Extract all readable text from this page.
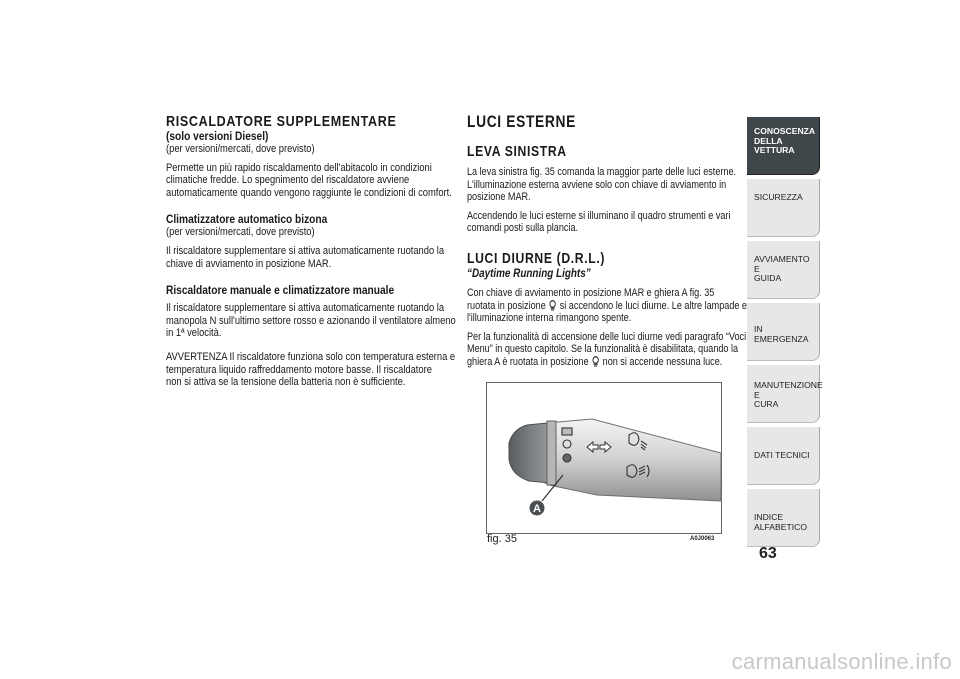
RISCALDATORE SUPPLEMENTARE
(solo versioni Diesel)
(per versioni/mercati, dove previsto)

Permette un più rapido riscaldamento dell'abitacolo in condizioni
climatiche fredde. Lo spegnimento del riscaldatore avviene
automaticamente quando vengono raggiunte le condizioni di comfort.

Climatizzatore automatico bizona
(per versioni/mercati, dove previsto)

Il riscaldatore supplementare si attiva automaticamente ruotando la
chiave di avviamento in posizione MAR.

Riscaldatore manuale e climatizzatore manuale

Il riscaldatore supplementare si attiva automaticamente ruotando la
manopola N sull'ultimo settore rosso e azionando il ventilatore almeno
in 1ª velocità.

AVVERTENZA Il riscaldatore funziona solo con temperatura esterna e
temperatura liquido raffreddamento motore basse. Il riscaldatore
non si attiva se la tensione della batteria non è sufficiente.

LUCI ESTERNE
LEVA SINISTRA

La leva sinistra fig. 35 comanda la maggior parte delle luci esterne.
L'illuminazione esterna avviene solo con chiave di avviamento in
posizione MAR.

Accendendo le luci esterne si illuminano il quadro strumenti e vari
comandi posti sulla plancia.

LUCI DIURNE (D.R.L.)
“Daytime Running Lights”

Con chiave di avviamento in posizione MAR e ghiera A fig. 35
ruotata in posizione si accendono le luci diurne. Le altre lampade e
l'illuminazione interna rimangono spente.

Per la funzionalità di accensione delle luci diurne vedi paragrafo “Voci
Menu” in questo capitolo. Se la funzionalità è disabilitata, quando la
ghiera A è ruotata in posizione non si accende nessuna luce.

A
fig. 35	A0J0063
CONOSCENZA
DELLA VETTURA
SICUREZZA
AVVIAMENTO E
GUIDA
IN EMERGENZA
MANUTENZIONE E
CURA
DATI TECNICI
INDICE ALFABETICO
63
carmanualsonline.info
